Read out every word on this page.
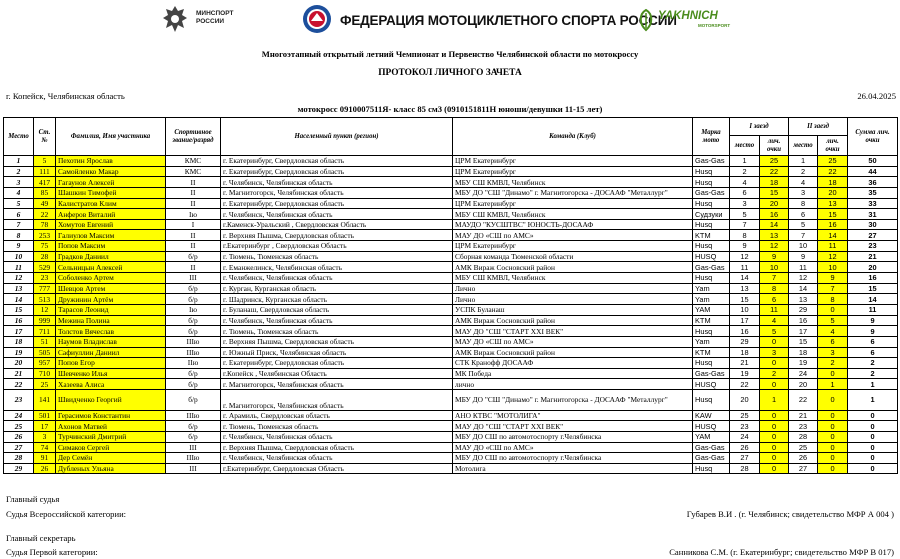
МИНСПОРТ
РОССИИ	ФЕДЕРАЦИЯ МОТОЦИКЛЕТНОГО СПОРТА РОССИИ
YAKHNICH
MOTORSPORT
Многоэтапный открытый летний Чемпионат и Первенство Челябинской области по мотокроссу
ПРОТОКОЛ ЛИЧНОГО ЗАЧЕТА
г. Копейск, Челябинская область	26.04.2025
мотокросс 0910007511Я- класс 85 см3 (0910151811Н юноши/девушки 11-15 лет)
Место	Ст. №	Фамилия, Имя участника	Спортивное звание/разряд	Населенный пункт (регион)	Команда (Клуб)	Марка мото	I заезд		II заезд		Сумма лич. очки
							место	лич. очки	место	лич. очки	
1	5	Пехотин Ярослав	КМС	г. Екатеринбург, Свердловская область	ЦРМ Екатеринбург	Gas-Gas	1	25	1	25	50
2	111	Самойленко Макар	КМС	г. Екатеринбург, Свердловская область	ЦРМ Екатеринбург	Husq	2	22	2	22	44
3	417	Гагаунов Алексей	II	г. Челябинск, Челябинская область	МБУ СШ КМВЛ, Челябинск	Husq	4	18	4	18	36
4	85	Шашкин Тимофей	II	г. Магнитогорск, Челябинская область	МБУ ДО "СШ "Динамо" г. Магнитогорска - ДОСААФ "Металлург"	Gas-Gas	6	15	3	20	35
5	49	Калистратов Клим	II	г. Екатеринбург, Свердловская область	ЦРМ Екатеринбург	Husq	3	20	8	13	33
6	22	Анферов Виталий	Iю	г. Челябинск, Челябинская область	МБУ СШ КМВЛ, Челябинск	Судзуки	5	16	6	15	31
7	78	Хомутов Евгений	I	г.Каменск-Уральский , Свердловская Область	МАУДО "КУСШТВС" ЮНОСТЬ-ДОСААФ	Husq	7	14	5	16	30
8	253	Галиулов Максим	II	г. Верхняя Пышма, Свердловская область	МАУ ДО «СШ по АМС»	KTM	8	13	7	14	27
9	75	Попов Максим	II	г.Екатеринбург , Свердловская Область	ЦРМ Екатеринбург	Husq	9	12	10	11	23
10	28	Градков Даниил	б/р	г. Тюмень, Тюменская область	Сборная команда Тюменской области	HUSQ	12	9	9	12	21
11	529	Сельницын Алексей	II	г. Еманжелинск, Челябинская область	АМК Вираж Сосновский район	Gas-Gas	11	10	11	10	20
12	23	Соболенко Артем	III	г. Челябинск, Челябинская область	МБУ СШ КМВЛ, Челябинск	Husq	14	7	12	9	16
13	777	Шевцов Артем	б/р	г. Курган, Курганская область	Лично	Yam	13	8	14	7	15
14	513	Дружинин Артём	б/р	г. Шадринск, Курганская область	Лично	Yam	15	6	13	8	14
15	12	Тарасов Леонид	Iю	г. Буланаш, Свердловская область	УСПК Буланаш	YAM	10	11	29	0	11
16	999	Межина Полина	б/р	г. Челябинск, Челябинская область	АМК Вираж Сосновский район	KTM	17	4	16	5	9
17	711	Толстов Вячеслав	б/р	г. Тюмень, Тюменская область	МАУ ДО "СШ "СТАРТ XXI ВЕК"	Husq	16	5	17	4	9
18	51	Наумов Владислав	IIIю	г. Верхняя Пышма, Свердловская область	МАУ ДО «СШ по АМС»	Yam	29	0	15	6	6
19	505	Сафиуллин Даниил	IIIю	г. Южный Приск, Челябинская область	АМК Вираж Сосновский район	KTM	18	3	18	3	6
20	957	Попов Егор	IIю	г. Екатеринбург, Свердловская область	СТК Кранофф ДОСААФ	Husq	21	0	19	2	2
21	710	Шевченко Илья	б/р	г.Копейск , Челябинская Область	МК Победа	Gas-Gas	19	2	24	0	2
22	25	Хазеева Алиса	б/р	г. Магнитогорск, Челябинская область	лично	HUSQ	22	0	20	1	1
23	141	Швидченко Георгий	б/р	г. Магнитогорск, Челябинская область	МБУ ДО "СШ "Динамо" г. Магнитогорска - ДОСААФ "Металлург"	Husq	20	1	22	0	1
24	501	Герасимов Константин	IIIю	г. Арамиль, Свердловская область	АНО КТВС "МОТОЛИГА"	KAW	25	0	21	0	0
25	17	Ахонов Матвей	б/р	г. Тюмень, Тюменская область	МАУ ДО "СШ "СТАРТ XXI ВЕК"	HUSQ	23	0	23	0	0
26	3	Турчинский Дмитрий	б/р	г. Челябинск, Челябинская область	МБУ ДО СШ по автомотоспорту г.Челябинска	YAM	24	0	28	0	0
27	74	Симаков Сергей	III	г. Верхняя Пышма, Свердловская область	МАУ ДО «СШ по АМС»	Gas-Gas	26	0	25	0	0
28	91	Дер Семён	IIIю	г. Челябинск, Челябинская область	МБУ ДО СШ по автомотоспорту г.Челябинска	Gas-Gas	27	0	26	0	0
29	26	Дубленых Ульяна	III	г.Екатеринбург, Свердловская Область	Мотолига	Husq	28	0	27	0	0
Главный судья
Судья Всероссийской категории:	Губарев В.И . (г. Челябинск; свидетельство МФР А 004 )
Главный секретарь
Судья Первой категории:	Санникова С.М. (г. Екатеринбург; свидетельство МФР В 017)
